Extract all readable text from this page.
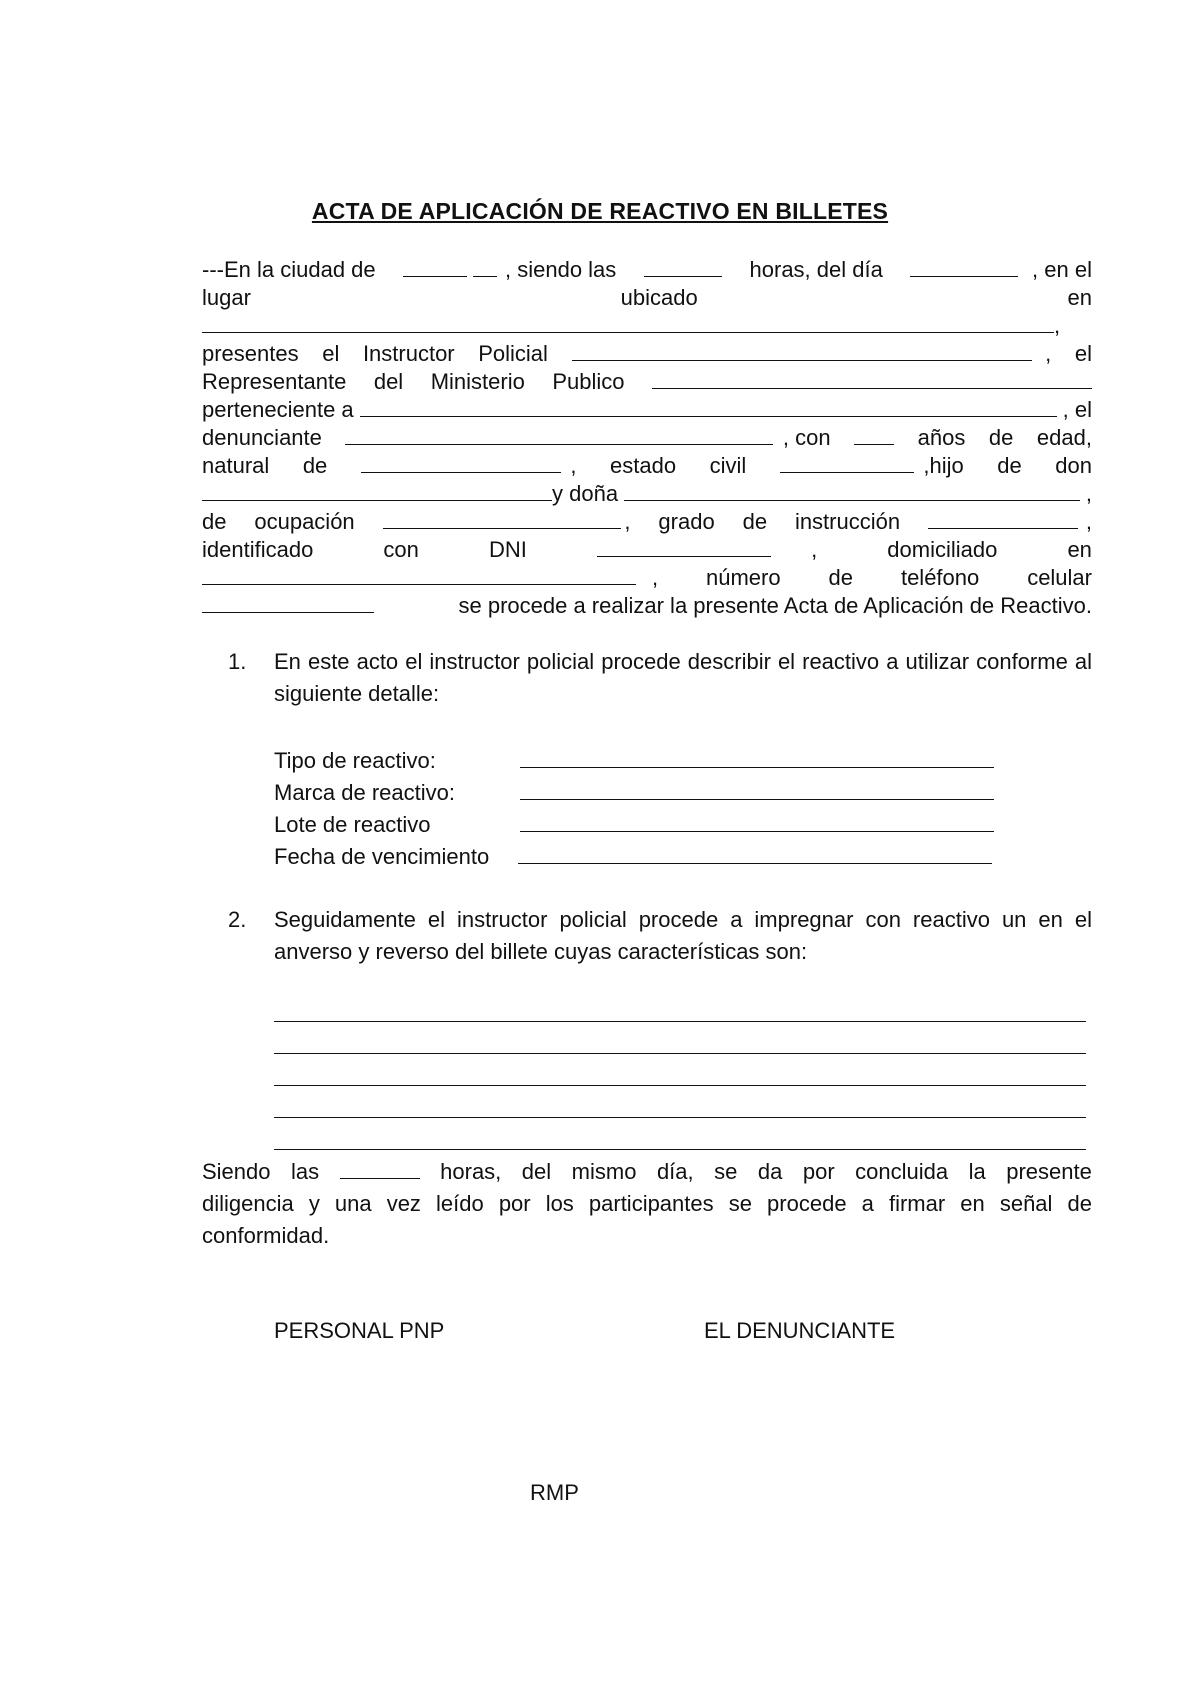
ACTA DE APLICACIÓN DE REACTIVO EN BILLETES
---En la ciudad de
	, siendo las	horas, del día	, en el
lugar	ubicado	en
,
presentes el Instructor Policial	, el
Representante del Ministerio Publico
perteneciente a	, el
denunciante	, con	años de edad,
natural de	, estado civil	,hijo de don
y doña	,
de ocupación	, grado de instrucción	,
identificado	con	DNI	,	domiciliado	en
, número de teléfono celular
se procede a realizar la presente Acta de Aplicación de Reactivo.
1. En este acto el instructor policial procede describir el reactivo a utilizar conforme al siguiente detalle:
Tipo de reactivo:
Marca de reactivo:
Lote de reactivo
Fecha de vencimiento
2. Seguidamente el instructor policial procede a impregnar con reactivo un en el anverso y reverso del billete cuyas características son:
Siendo las	horas, del mismo día, se da por concluida la presente
diligencia y una vez leído por los participantes se procede a firmar en señal de
conformidad.
PERSONAL PNP	EL DENUNCIANTE
RMP
